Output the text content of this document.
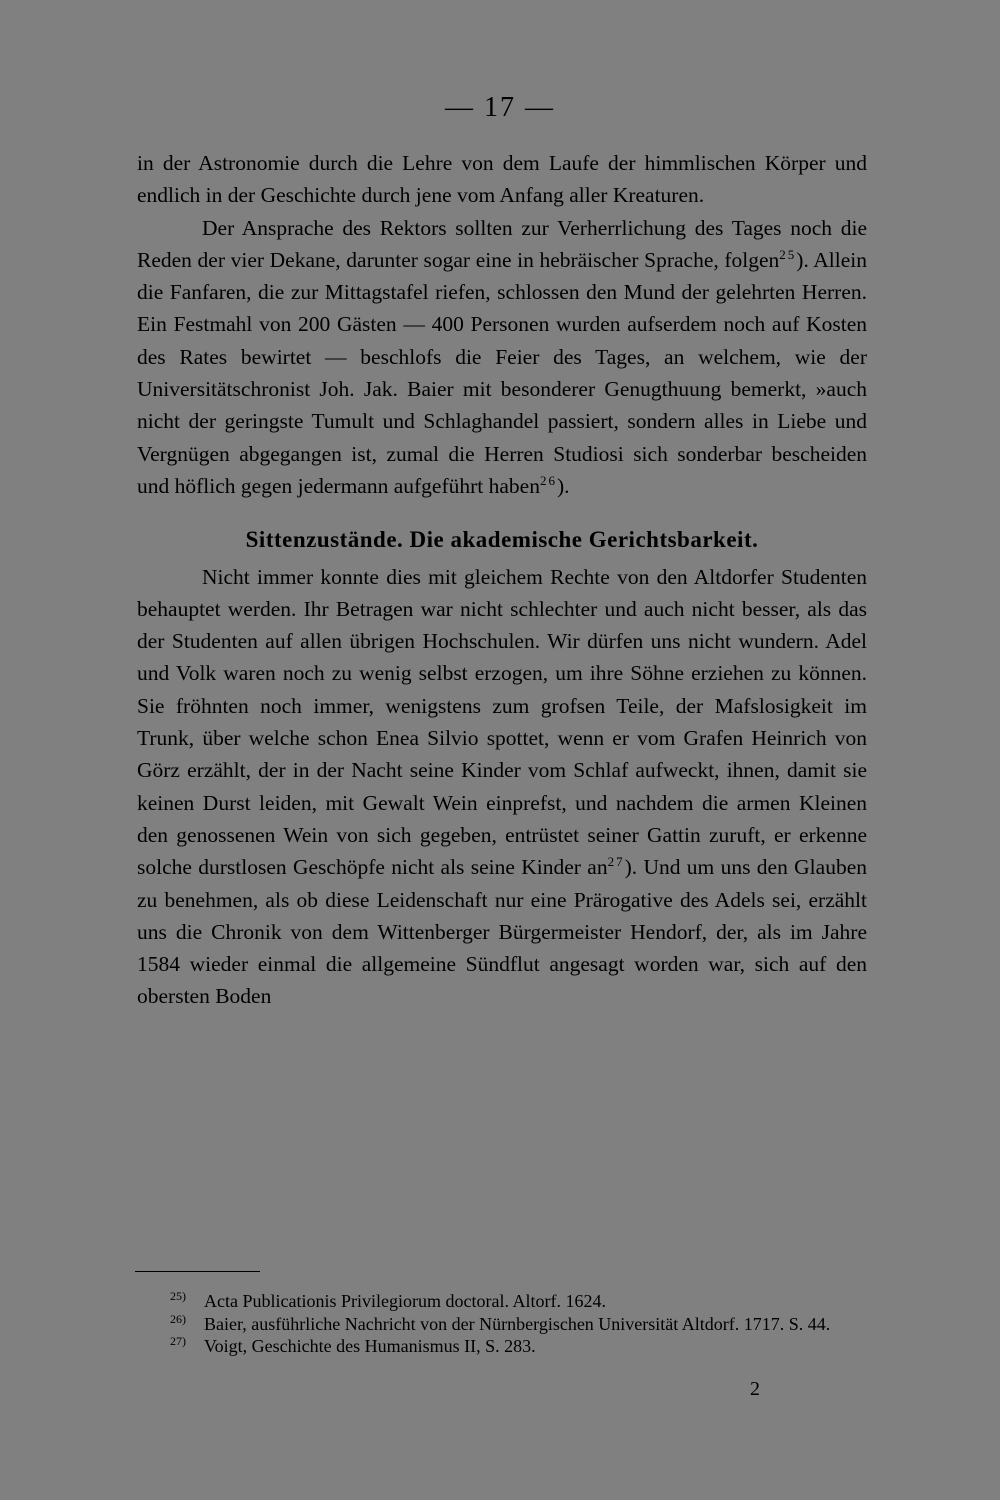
— 17 —

in der Astronomie durch die Lehre von dem Laufe der himmlischen Körper und endlich in der Geschichte durch jene vom Anfang aller Kreaturen.

Der Ansprache des Rektors sollten zur Verherrlichung des Tages noch die Reden der vier Dekane, darunter sogar eine in hebräischer Sprache, folgen$^{25}$). Allein die Fanfaren, die zur Mittagstafel riefen, schlossen den Mund der gelehrten Herren. Ein Festmahl von 200 Gästen — 400 Personen wurden aufserdem noch auf Kosten des Rates bewirtet — beschlofs die Feier des Tages, an welchem, wie der Universitätschronist Joh. Jak. Baier mit besonderer Genugthuung bemerkt, »auch nicht der geringste Tumult und Schlaghandel passiert, sondern alles in Liebe und Vergnügen abgegangen ist, zumal die Herren Studiosi sich sonderbar bescheiden und höflich gegen jedermann aufgeführt haben$^{26}$).

Sittenzustände. Die akademische Gerichtsbarkeit.

Nicht immer konnte dies mit gleichem Rechte von den Altdorfer Studenten behauptet werden. Ihr Betragen war nicht schlechter und auch nicht besser, als das der Studenten auf allen übrigen Hochschulen. Wir dürfen uns nicht wundern. Adel und Volk waren noch zu wenig selbst erzogen, um ihre Söhne erziehen zu können. Sie fröhnten noch immer, wenigstens zum grofsen Teile, der Mafslosigkeit im Trunk, über welche schon Enea Silvio spottet, wenn er vom Grafen Heinrich von Görz erzählt, der in der Nacht seine Kinder vom Schlaf aufweckt, ihnen, damit sie keinen Durst leiden, mit Gewalt Wein einprefst, und nachdem die armen Kleinen den genossenen Wein von sich gegeben, entrüstet seiner Gattin zuruft, er erkenne solche durstlosen Geschöpfe nicht als seine Kinder $an^{27}$). Und um uns den Glauben zu benehmen, als ob diese Leidenschaft nur eine Prärogative des Adels sei, erzählt uns die Chronik von dem Wittenberger Bürgermeister Hendorf, der, als im Jahre 1584 wieder einmal die allgemeine Sündflut angesagt worden war, sich auf den obersten Boden

25) Acta Publicationis Privilegiorum doctoral. Altorf. 1624.

26) Baier, ausführliche Nachricht von der Nürnbergischen Universität Altdorf. 1717. S. 44.

27) Voigt, Geschichte des Humanismus II, S. 283.

2
